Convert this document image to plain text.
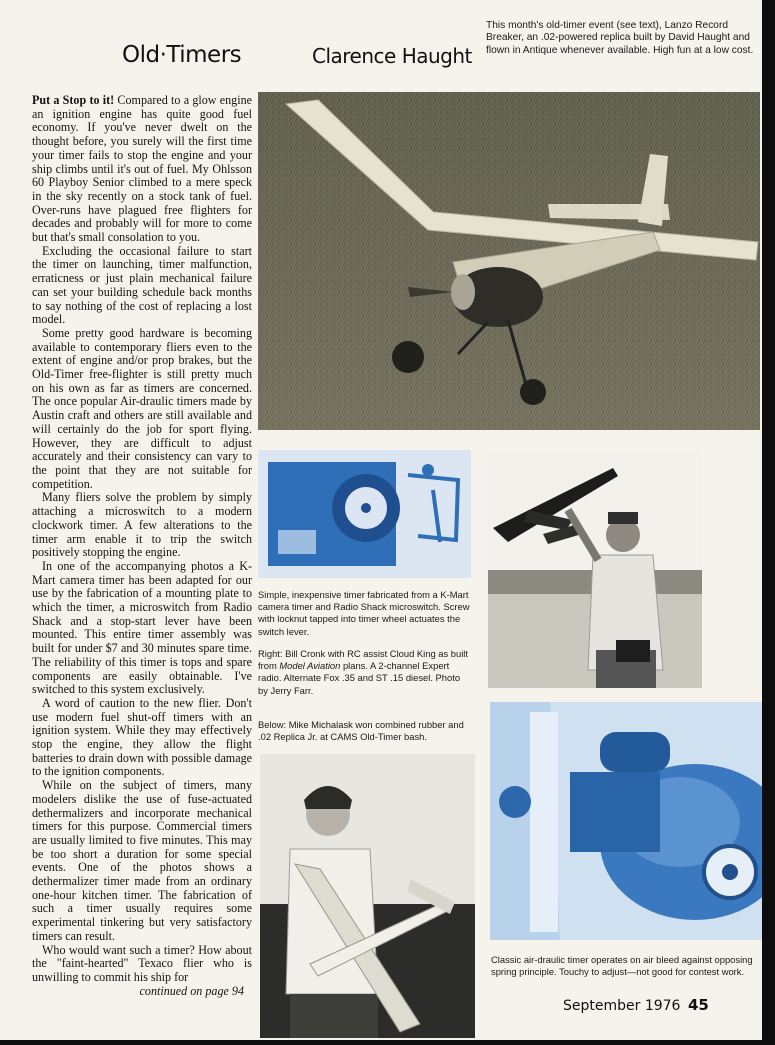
Old·Timers	Clarence Haught
This month's old-timer event (see text), Lanzo Record Breaker, an .02-powered replica built by David Haught and flown in Antique whenever available. High fun at a low cost.

Put a Stop to it! Compared to a glow engine an ignition engine has quite good fuel economy. If you've never dwelt on the thought before, you surely will the first time your timer fails to stop the engine and your ship climbs until it's out of fuel. My Ohlsson 60 Playboy Senior climbed to a mere speck in the sky recently on a stock tank of fuel. Over-runs have plagued free flighters for decades and probably will for more to come but that's small consolation to you.

Excluding the occasional failure to start the timer on launching, timer malfunction, erraticness or just plain mechanical failure can set your building schedule back months to say nothing of the cost of replacing a lost model.

Some pretty good hardware is becoming available to contemporary fliers even to the extent of engine and/or prop brakes, but the Old-Timer free-flighter is still pretty much on his own as far as timers are concerned. The once popular Air-draulic timers made by Austin craft and others are still available and will certainly do the job for sport flying. However, they are difficult to adjust accurately and their consistency can vary to the point that they are not suitable for competition.

Many fliers solve the problem by simply attaching a microswitch to a modern clockwork timer. A few alterations to the timer arm enable it to trip the switch positively stopping the engine.

In one of the accompanying photos a K-Mart camera timer has been adapted for our use by the fabrication of a mounting plate to which the timer, a microswitch from Radio Shack and a stop-start lever have been mounted. This entire timer assembly was built for under $7 and 30 minutes spare time. The reliability of this timer is tops and spare components are easily obtainable. I've switched to this system exclusively.

A word of caution to the new flier. Don't use modern fuel shut-off timers with an ignition system. While they may effectively stop the engine, they allow the flight batteries to drain down with possible damage to the ignition components.

While on the subject of timers, many modelers dislike the use of fuse-actuated dethermalizers and incorporate mechanical timers for this purpose. Commercial timers are usually limited to five minutes. This may be too short a duration for some special events. One of the photos shows a dethermalizer timer made from an ordinary one-hour kitchen timer. The fabrication of such a timer usually requires some experimental tinkering but very satisfactory timers can result.

Who would want such a timer? How about the "faint-hearted" Texaco flier who is unwilling to commit his ship for

continued on page 94
Simple, inexpensive timer fabricated from a K-Mart camera timer and Radio Shack microswitch. Screw with locknut tapped into timer wheel actuates the switch lever.
Right: Bill Cronk with RC assist Cloud King as built from Model Aviation plans. A 2-channel Expert radio. Alternate Fox .35 and ST .15 diesel. Photo by Jerry Farr.
Below: Mike Michalask won combined rubber and .02 Replica Jr. at CAMS Old-Timer bash.
Classic air-draulic timer operates on air bleed against opposing spring principle. Touchy to adjust—not good for contest work.
September 1976 45
